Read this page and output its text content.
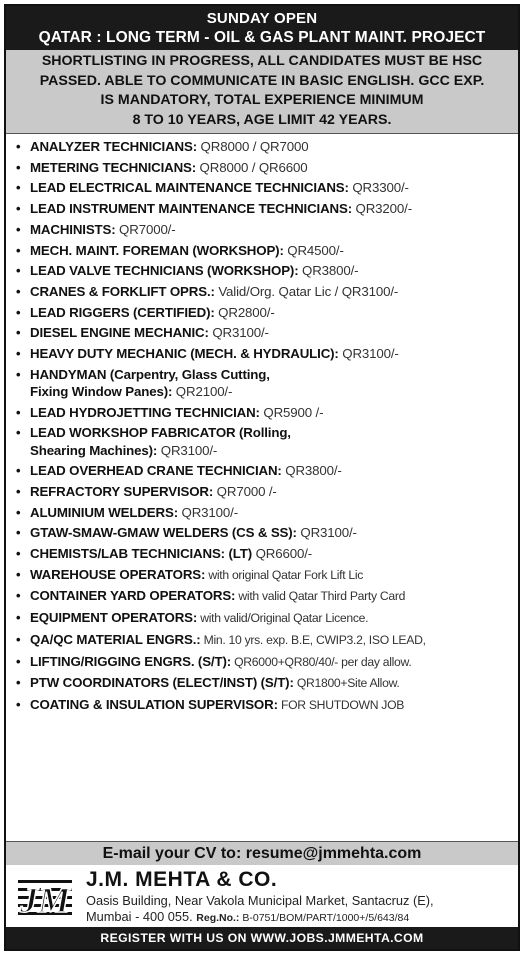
SUNDAY OPEN
QATAR : LONG TERM - OIL & GAS PLANT MAINT. PROJECT
SHORTLISTING IN PROGRESS, ALL CANDIDATES MUST BE HSC
PASSED. ABLE TO COMMUNICATE IN BASIC ENGLISH. GCC EXP.
IS MANDATORY, TOTAL EXPERIENCE MINIMUM
8 TO 10 YEARS, AGE LIMIT 42 YEARS.
• ANALYZER TECHNICIANS: QR8000 / QR7000
• METERING TECHNICIANS: QR8000 / QR6600
• LEAD ELECTRICAL MAINTENANCE TECHNICIANS: QR3300/-
• LEAD INSTRUMENT MAINTENANCE TECHNICIANS: QR3200/-
• MACHINISTS: QR7000/-
• MECH. MAINT. FOREMAN (WORKSHOP): QR4500/-
• LEAD VALVE TECHNICIANS (WORKSHOP): QR3800/-
• CRANES & FORKLIFT OPRS.: Valid/Org. Qatar Lic / QR3100/-
• LEAD RIGGERS (CERTIFIED): QR2800/-
• DIESEL ENGINE MECHANIC: QR3100/-
• HEAVY DUTY MECHANIC (MECH. & HYDRAULIC): QR3100/-
• HANDYMAN (Carpentry, Glass Cutting,
Fixing Window Panes): QR2100/-
• LEAD HYDROJETTING TECHNICIAN: QR5900 /-
• LEAD WORKSHOP FABRICATOR (Rolling,
Shearing Machines): QR3100/-
• LEAD OVERHEAD CRANE TECHNICIAN: QR3800/-
• REFRACTORY SUPERVISOR: QR7000 /-
• ALUMINIUM WELDERS: QR3100/-
• GTAW-SMAW-GMAW WELDERS (CS & SS): QR3100/-
• CHEMISTS/LAB TECHNICIANS: (LT) QR6600/-
• WAREHOUSE OPERATORS: with original Qatar Fork Lift Lic
• CONTAINER YARD OPERATORS: with valid Qatar Third Party Card
• EQUIPMENT OPERATORS: with valid/Original Qatar Licence.
• QA/QC MATERIAL ENGRS.: Min. 10 yrs. exp. B.E, CWIP3.2, ISO LEAD,
• LIFTING/RIGGING ENGRS. (S/T): QR6000+QR80/40/- per day allow.
• PTW COORDINATORS (ELECT/INST) (S/T): QR1800+Site Allow.
• COATING & INSULATION SUPERVISOR: FOR SHUTDOWN JOB
E-mail your CV to: resume@jmmehta.com
JM
J.M. MEHTA & CO.
Oasis Building, Near Vakola Municipal Market, Santacruz (E),
Mumbai - 400 055. Reg.No.: B-0751/BOM/PART/1000+/5/643/84
REGISTER WITH US ON WWW.JOBS.JMMEHTA.COM
